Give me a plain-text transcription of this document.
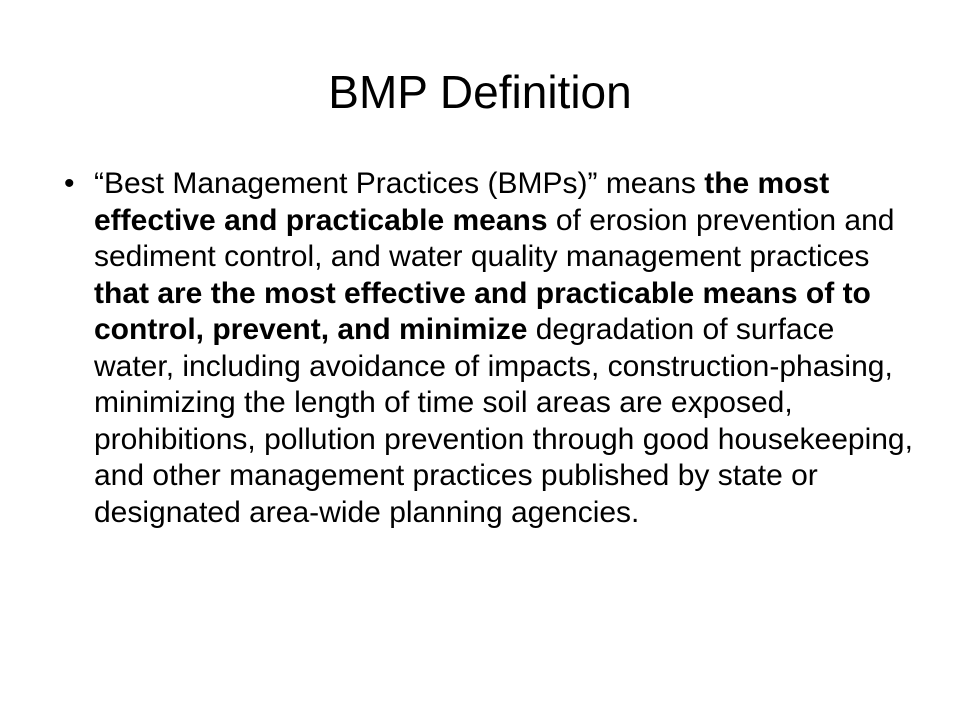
BMP Definition
• “Best Management Practices (BMPs)” means the most effective and practicable means of erosion prevention and sediment control, and water quality management practices that are the most effective and practicable means of to control, prevent, and minimize degradation of surface water, including avoidance of impacts, construction-phasing, minimizing the length of time soil areas are exposed, prohibitions, pollution prevention through good housekeeping, and other management practices published by state or designated area-wide planning agencies.
